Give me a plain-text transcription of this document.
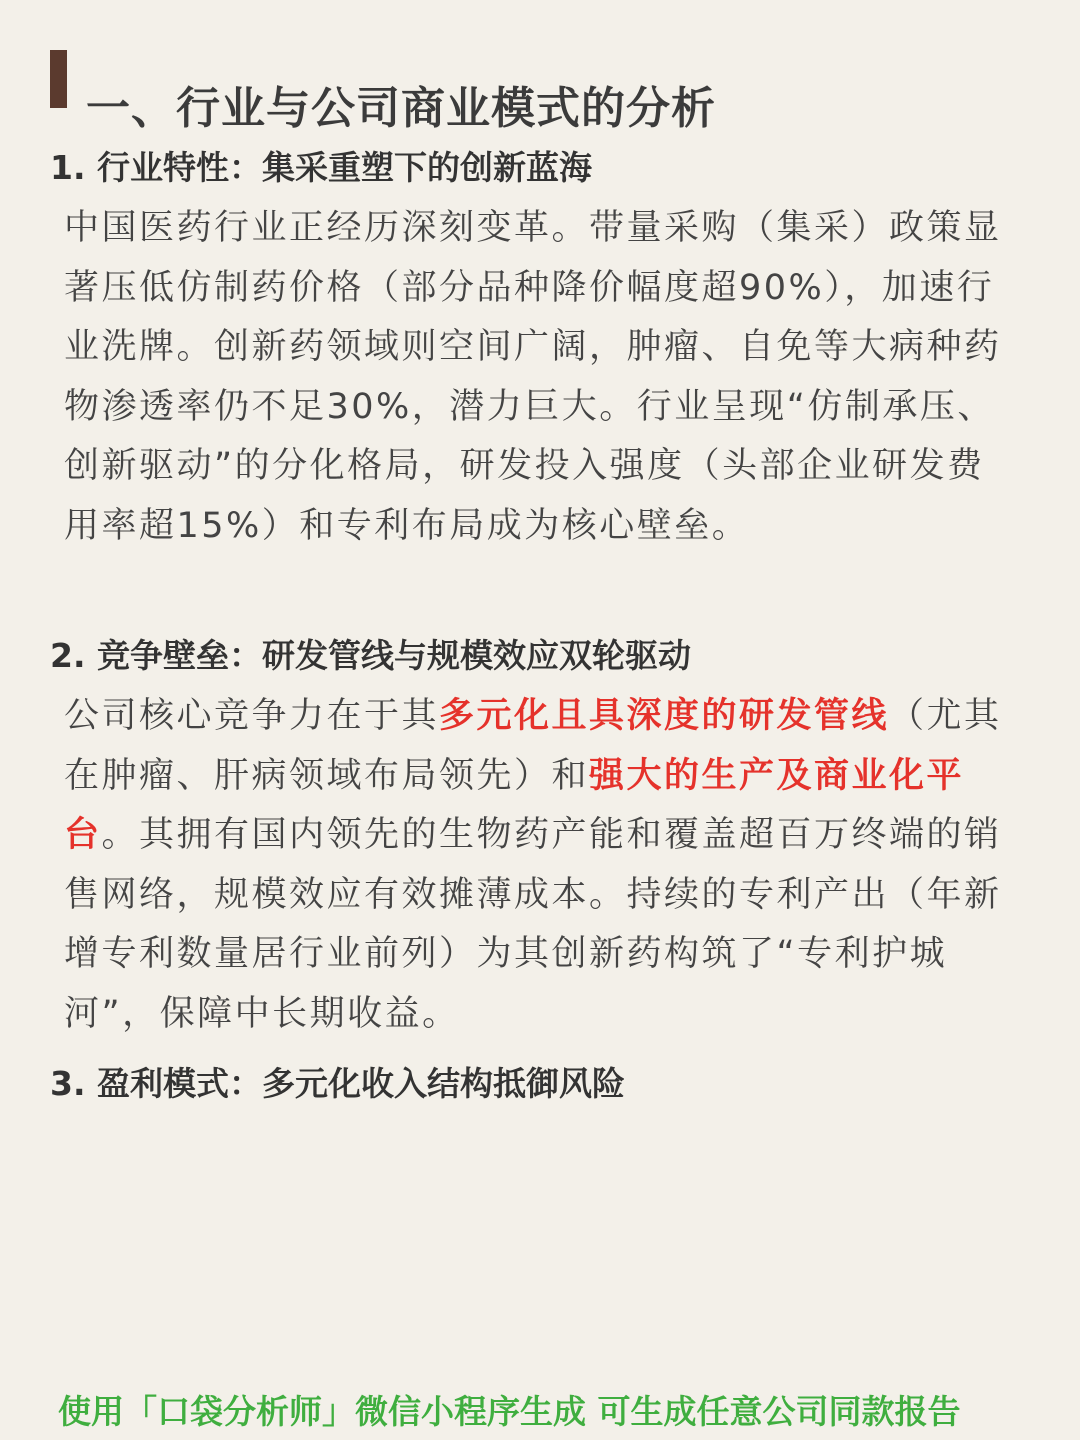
一、行业与公司商业模式的分析
1. 行业特性：集采重塑下的创新蓝海
中国医药行业正经历深刻变革。带量采购（集采）政策显著压低仿制药价格（部分品种降价幅度超90%），加速行业洗牌。创新药领域则空间广阔，肿瘤、自免等大病种药物渗透率仍不足30%，潜力巨大。行业呈现“仿制承压、创新驱动”的分化格局，研发投入强度（头部企业研发费用率超15%）和专利布局成为核心壁垒。
2. 竞争壁垒：研发管线与规模效应双轮驱动
公司核心竞争力在于其多元化且具深度的研发管线（尤其在肿瘤、肝病领域布局领先）和强大的生产及商业化平台。其拥有国内领先的生物药产能和覆盖超百万终端的销售网络，规模效应有效摊薄成本。持续的专利产出（年新增专利数量居行业前列）为其创新药构筑了“专利护城河”，保障中长期收益。
3. 盈利模式：多元化收入结构抵御风险
使用「口袋分析师」微信小程序生成 可生成任意公司同款报告
